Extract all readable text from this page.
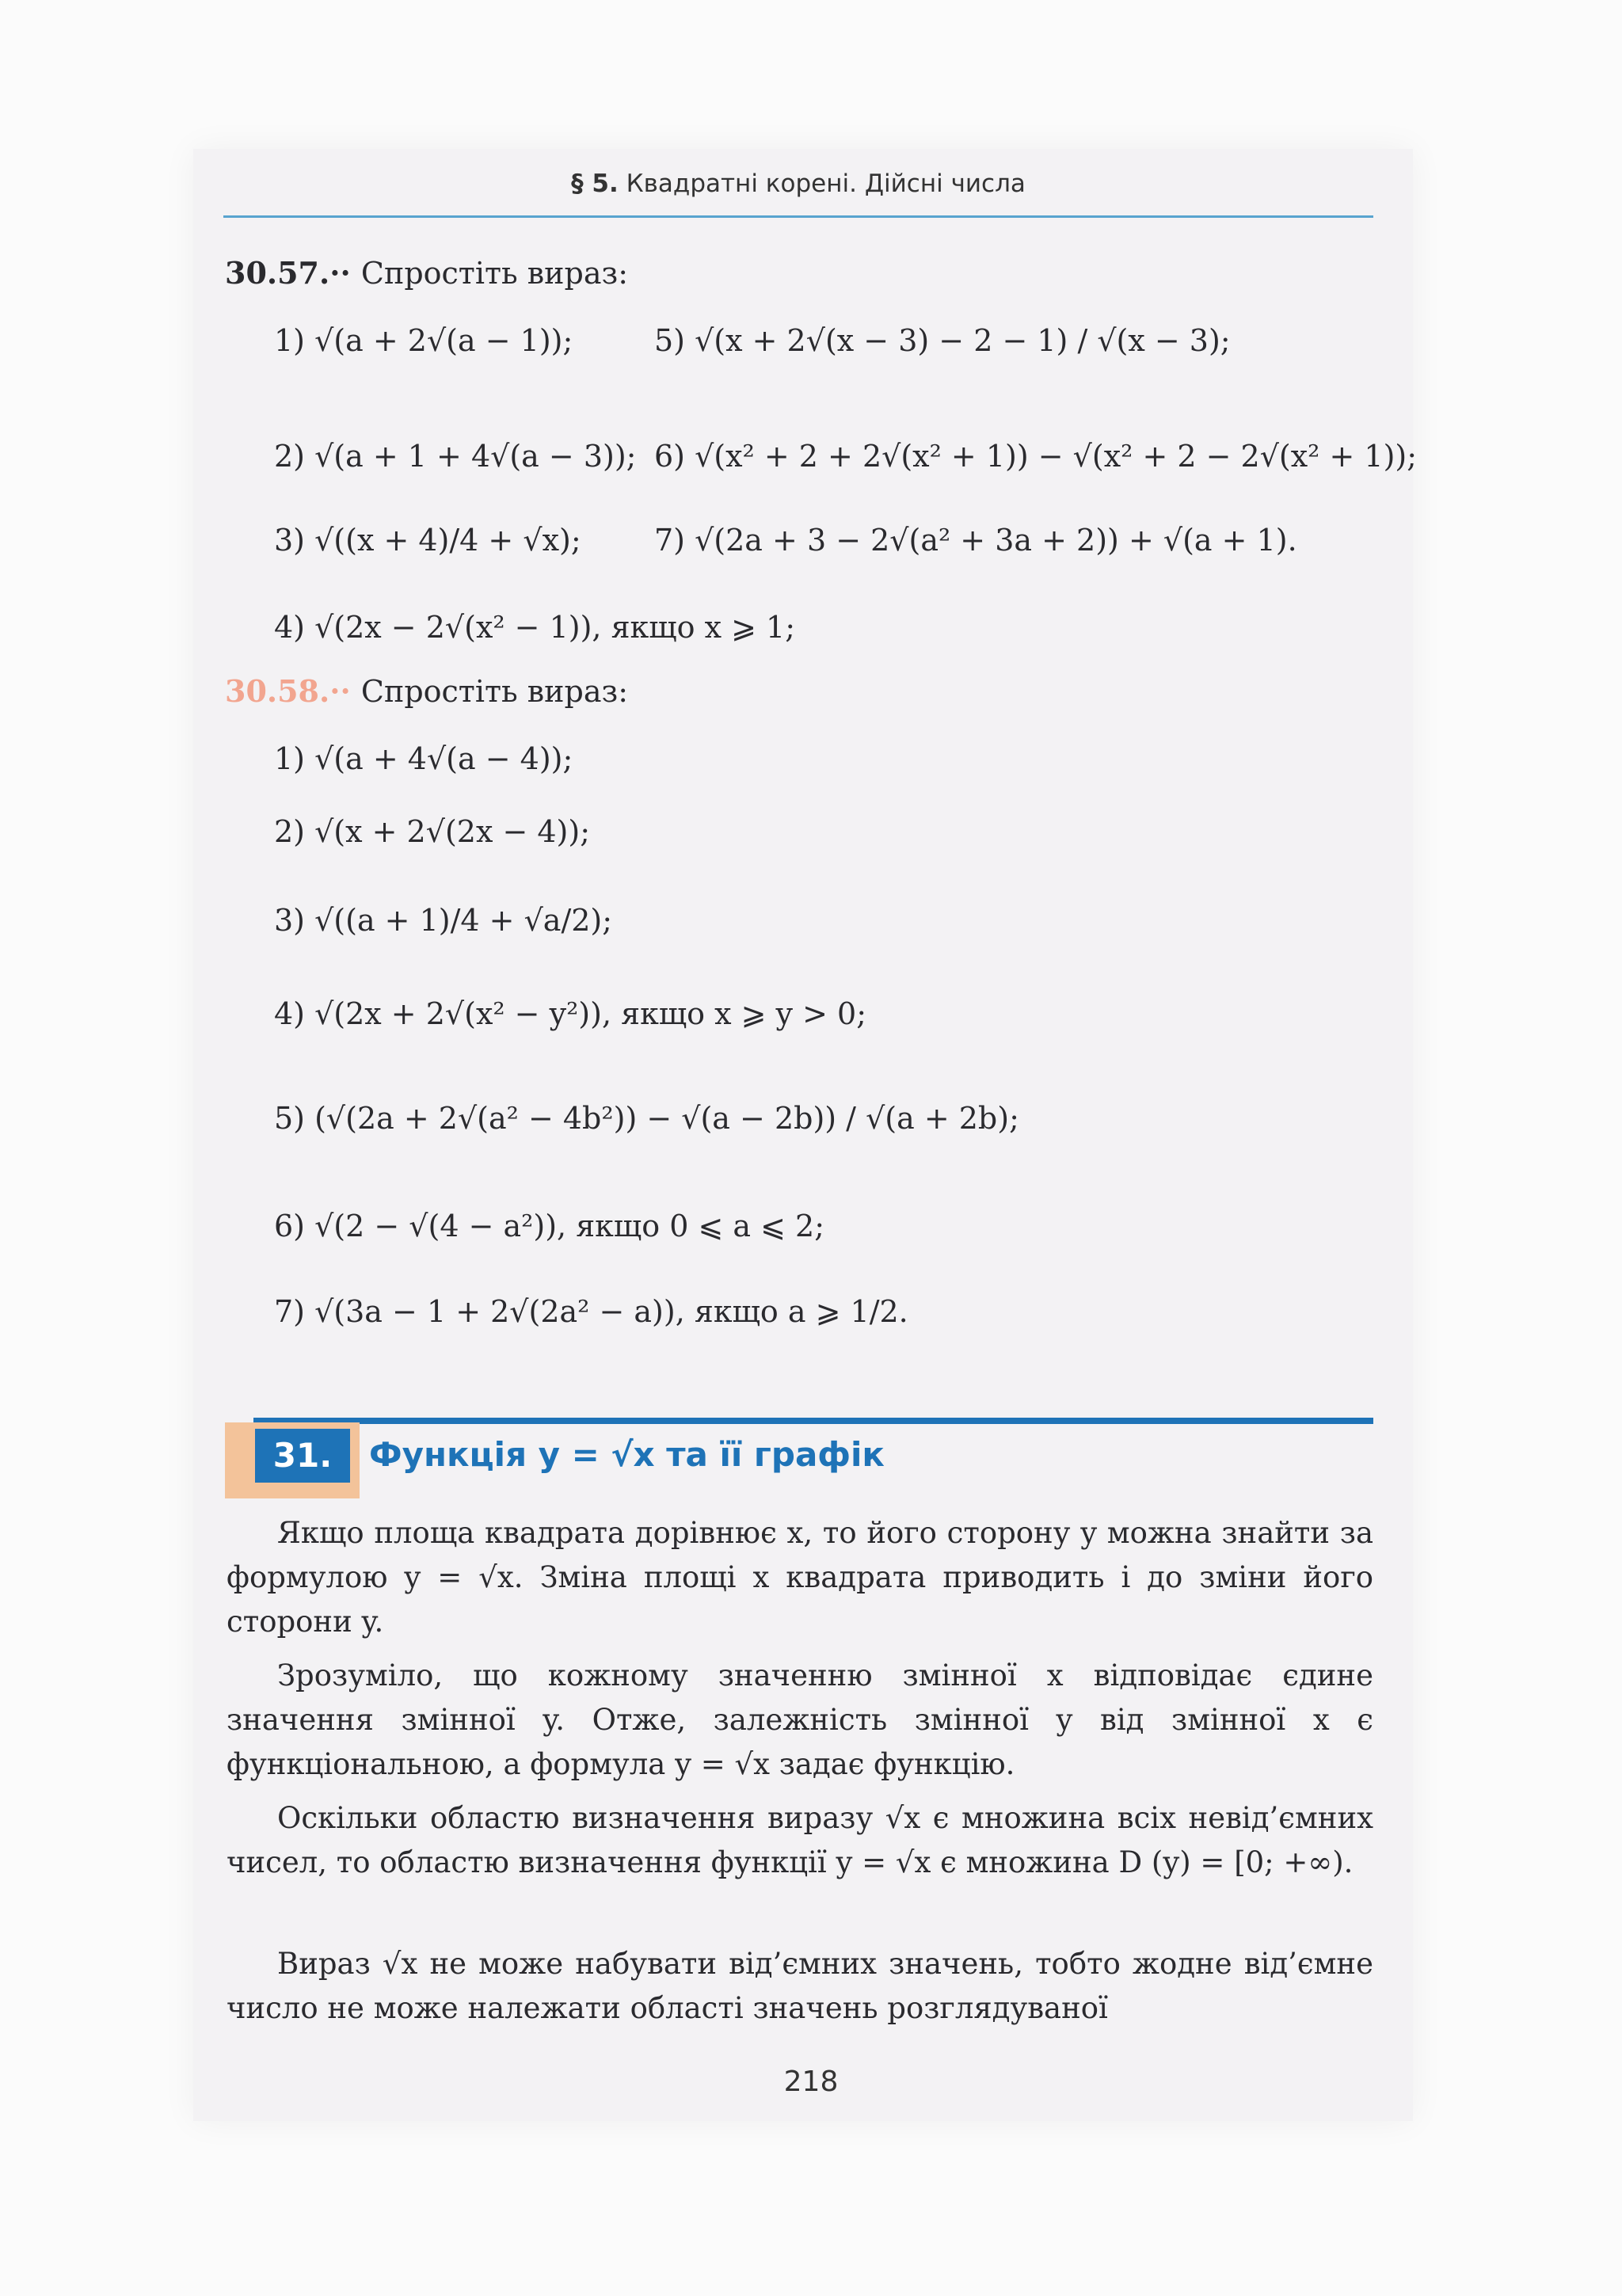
§ 5. Квадратні корені. Дійсні числа
30.57.·· Спростіть вираз:
1) √(a + 2√(a − 1));	5) √(x + 2√(x − 3) − 2 − 1) / √(x − 3);
2) √(a + 1 + 4√(a − 3)); 6) √(x² + 2 + 2√(x² + 1)) − √(x² + 2 − 2√(x² + 1));
3) √((x + 4)/4 + √x); 7) √(2a + 3 − 2√(a² + 3a + 2)) + √(a + 1).
4) √(2x − 2√(x² − 1)), якщо x ⩾ 1;
30.58.·· Спростіть вираз:
1) √(a + 4√(a − 4));
2) √(x + 2√(2x − 4));
3) √((a + 1)/4 + √a/2);
4) √(2x + 2√(x² − y²)), якщо x ⩾ y > 0;
5) (√(2a + 2√(a² − 4b²)) − √(a − 2b)) / √(a + 2b);
6) √(2 − √(4 − a²)), якщо 0 ⩽ a ⩽ 2;
7) √(3a − 1 + 2√(2a² − a)), якщо a ⩾ 1/2.
31.	Функція y = √x та її графік
Якщо площа квадрата дорівнює x, то його сторону y можна знайти за формулою y = √x. Зміна площі x квадрата приводить і до зміни його сторони y.
Зрозуміло, що кожному значенню змінної x відповідає єдине значення змінної y. Отже, залежність змінної y від змінної x є функціональною, а формула y = √x задає функцію.
Оскільки областю визначення виразу √x є множина всіх невід’ємних чисел, то областю визначення функції y = √x є множина D (y) = [0; +∞).
Вираз √x не може набувати від’ємних значень, тобто жодне від’ємне число не може належати області значень розглядуваної
218
